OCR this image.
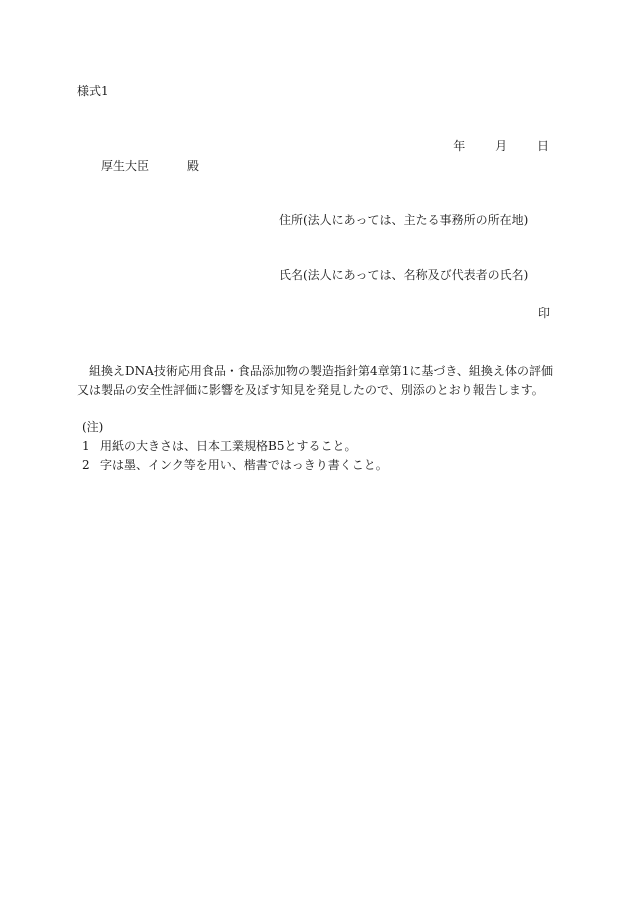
様式1
年 月 日
厚生大臣	殿
住所(法人にあっては、主たる事務所の所在地)
氏名(法人にあっては、名称及び代表者の氏名)
印
組換えDNA技術応用食品・食品添加物の製造指針第4章第1に基づき、組換え体の評価又は製品の安全性評価に影響を及ぼす知見を発見したので、別添のとおり報告します。
(注)
1 用紙の大きさは、日本工業規格B5とすること。
2 字は墨、インク等を用い、楷書ではっきり書くこと。
